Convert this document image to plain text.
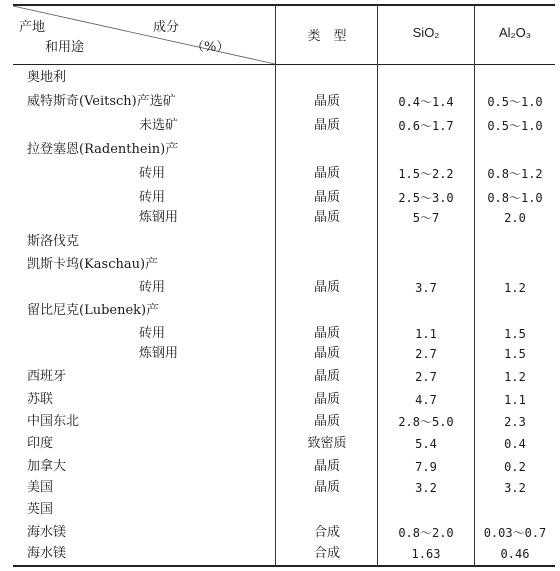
产地
和用途
成分
（%）
类　型	SiO₂	Al₂O₃
奥地利
威特斯奇(Veitsch)产选矿	晶质	0.4～1.4	0.5～1.0
未选矿	晶质	0.6～1.7	0.5～1.0
拉登塞恩(Radenthein)产
砖用	晶质	1.5～2.2	0.8～1.2
砖用	晶质	2.5～3.0	0.8～1.0
炼钢用	晶质	5～7	2.0
斯洛伐克
凯斯卡坞(Kaschau)产
砖用	晶质	3.7	1.2
留比尼克(Lubenek)产
砖用	晶质	1.1	1.5
炼钢用	晶质	2.7	1.5
西班牙	晶质	2.7	1.2
苏联	晶质	4.7	1.1
中国东北	晶质	2.8～5.0	2.3
印度	致密质	5.4	0.4
加拿大	晶质	7.9	0.2
美国	晶质	3.2	3.2
英国
海水镁	合成	0.8～2.0	0.03～0.7
海水镁	合成	1.63	0.46
